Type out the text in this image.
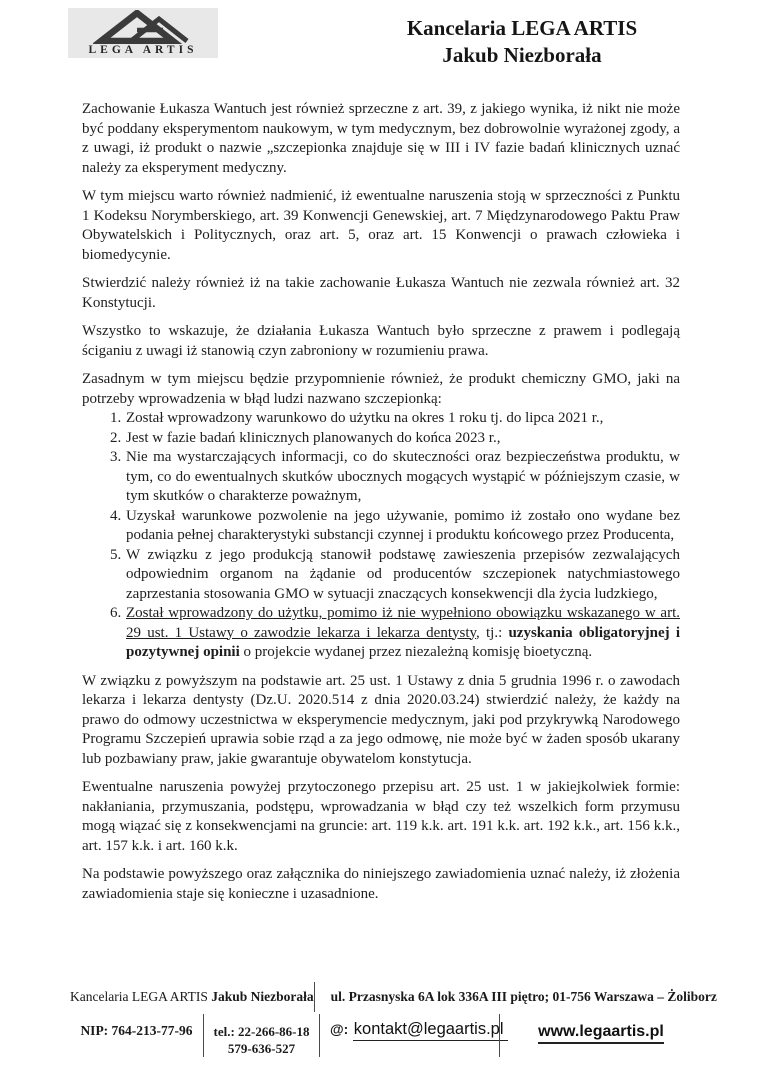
LEGA ARTIS
Kancelaria LEGA ARTIS
Jakub Niezborała

Zachowanie Łukasza Wantuch jest również sprzeczne z art. 39, z jakiego wynika, iż nikt nie może być poddany eksperymentom naukowym, w tym medycznym, bez dobrowolnie wyrażonej zgody, a z uwagi, iż produkt o nazwie „szczepionka znajduje się w III i IV fazie badań klinicznych uznać należy za eksperyment medyczny.

W tym miejscu warto również nadmienić, iż ewentualne naruszenia stoją w sprzeczności z Punktu 1 Kodeksu Norymberskiego, art. 39 Konwencji Genewskiej, art. 7 Międzynarodowego Paktu Praw Obywatelskich i Politycznych, oraz art. 5, oraz art. 15 Konwencji o prawach człowieka i biomedycynie.

Stwierdzić należy również iż na takie zachowanie Łukasza Wantuch nie zezwala również art. 32 Konstytucji.

Wszystko to wskazuje, że działania Łukasza Wantuch było sprzeczne z prawem i podlegają ściganiu z uwagi iż stanowią czyn zabroniony w rozumieniu prawa.

Zasadnym w tym miejscu będzie przypomnienie również, że produkt chemiczny GMO, jaki na potrzeby wprowadzenia w błąd ludzi nazwano szczepionką:

1. Został wprowadzony warunkowo do użytku na okres 1 roku tj. do lipca 2021 r.,
2. Jest w fazie badań klinicznych planowanych do końca 2023 r.,
3. Nie ma wystarczających informacji, co do skuteczności oraz bezpieczeństwa produktu, w tym, co do ewentualnych skutków ubocznych mogących wystąpić w późniejszym czasie, w tym skutków o charakterze poważnym,
4. Uzyskał warunkowe pozwolenie na jego używanie, pomimo iż zostało ono wydane bez podania pełnej charakterystyki substancji czynnej i produktu końcowego przez Producenta,
5. W związku z jego produkcją stanowił podstawę zawieszenia przepisów zezwalających odpowiednim organom na żądanie od producentów szczepionek natychmiastowego zaprzestania stosowania GMO w sytuacji znaczących konsekwencji dla życia ludzkiego,
6. Został wprowadzony do użytku, pomimo iż nie wypełniono obowiązku wskazanego w art. 29 ust. 1 Ustawy o zawodzie lekarza i lekarza dentysty, tj.: uzyskania obligatoryjnej i pozytywnej opinii o projekcie wydanej przez niezależną komisję bioetyczną.

W związku z powyższym na podstawie art. 25 ust. 1 Ustawy z dnia 5 grudnia 1996 r. o zawodach lekarza i lekarza dentysty (Dz.U. 2020.514 z dnia 2020.03.24) stwierdzić należy, że każdy na prawo do odmowy uczestnictwa w eksperymencie medycznym, jaki pod przykrywką Narodowego Programu Szczepień uprawia sobie rząd a za jego odmowę, nie może być w żaden sposób ukarany lub pozbawiany praw, jakie gwarantuje obywatelom konstytucja.

Ewentualne naruszenia powyżej przytoczonego przepisu art. 25 ust. 1 w jakiejkolwiek formie: nakłaniania, przymuszania, podstępu, wprowadzania w błąd czy też wszelkich form przymusu mogą wiązać się z konsekwencjami na gruncie: art. 119 k.k. art. 191 k.k. art. 192 k.k., art. 156 k.k., art. 157 k.k. i art. 160 k.k.

Na podstawie powyższego oraz załącznika do niniejszego zawiadomienia uznać należy, iż złożenia zawiadomienia staje się konieczne i uzasadnione.

Kancelaria LEGA ARTIS Jakub Niezborała	ul. Przasnyska 6A lok 336A III piętro; 01-756 Warszawa – Żoliborz
NIP: 764-213-77-96	tel.: 22-266-86-18
579-636-527
@: kontakt@legaartis.pl	www.legaartis.pl
